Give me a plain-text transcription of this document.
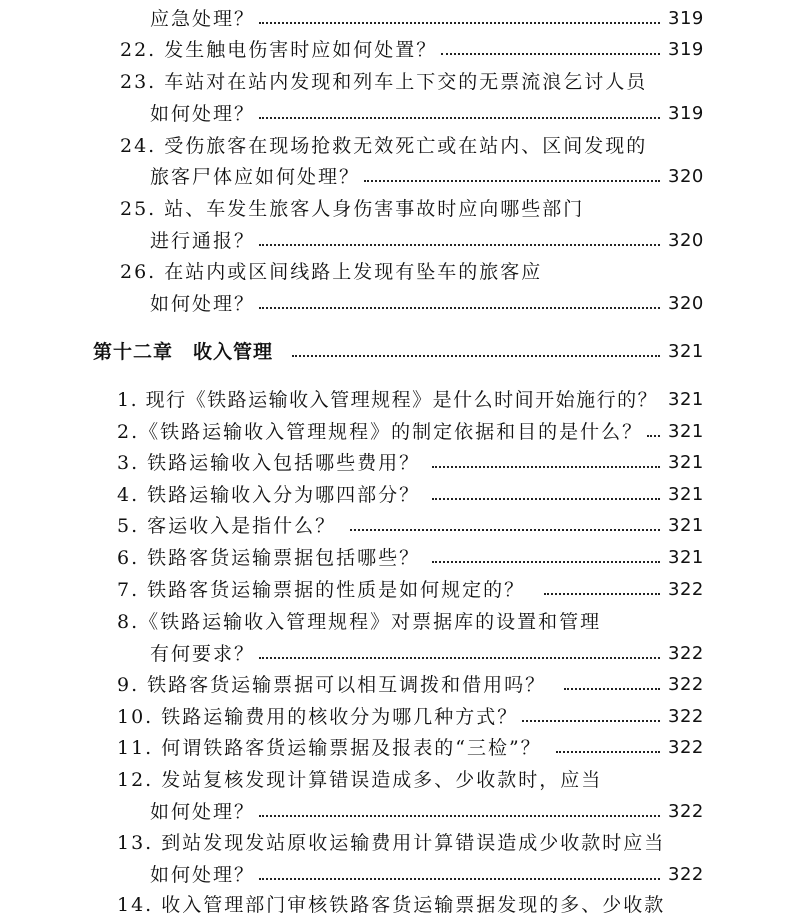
应急处理？	319
22. 发生触电伤害时应如何处置？	319
23. 车站对在站内发现和列车上下交的无票流浪乞讨人员
如何处理？	319
24. 受伤旅客在现场抢救无效死亡或在站内、区间发现的
旅客尸体应如何处理？	320
25. 站、车发生旅客人身伤害事故时应向哪些部门
进行通报？	320
26. 在站内或区间线路上发现有坠车的旅客应
如何处理？	320
第十二章　收入管理	321
1. 现行《铁路运输收入管理规程》是什么时间开始施行的？ 321
2.《铁路运输收入管理规程》的制定依据和目的是什么？ 321
3. 铁路运输收入包括哪些费用？	321
4. 铁路运输收入分为哪四部分？	321
5. 客运收入是指什么？	321
6. 铁路客货运输票据包括哪些？	321
7. 铁路客货运输票据的性质是如何规定的？	322
8.《铁路运输收入管理规程》对票据库的设置和管理
有何要求？	322
9. 铁路客货运输票据可以相互调拨和借用吗？	322
10. 铁路运输费用的核收分为哪几种方式？	322
11. 何谓铁路客货运输票据及报表的“三检”？	322
12. 发站复核发现计算错误造成多、少收款时，应当
如何处理？	322
13. 到站发现发站原收运输费用计算错误造成少收款时应当
如何处理？	322
14. 收入管理部门审核铁路客货运输票据发现的多、少收款
